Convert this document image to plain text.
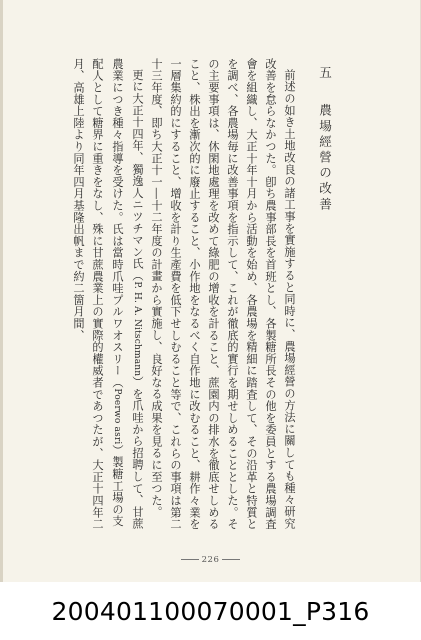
五農場經營の改善

前述の如き土地改良の諸工事を實施すると同時に、農場經營の方法に關しても種々研究改善を怠らなかつた。卽ち農事部長を首班とし、各製糖所長その他を委員とする農場調査會を組織し、大正十年十月から活動を始め、各農場を精細に踏査して、その沿革と特質とを調べ、各農場毎に改善事項を指示して、これが徹底的實行を期せしめることとした。その主要事項は、休閑地處理を改めて綠肥の增收を計ること、蔗園内の排水を徹底せしめること、株出を漸次的に廢止すること、小作地をなるべく自作地に改むること、耕作々業を一層集約的にすること、增收を計り生產費を低下せしむること等で、これらの事項は第二十三年度、即ち大正十一―十二年度の計畫から實施し、良好なる成果を見るに至つた。

更に大正十四年、獨逸人ニツチマン氏（P. H. A. Nitschmann）を爪哇から招聘して、甘蔗農業につき種々指導を受けた。氏は當時爪哇プルワオスリー（Poerwo asri）製糖工場の支配人として糖界に重きをなし、殊に甘蔗農業上の實際的權威者であつたが、大正十四年二月、高雄上陸より同年四月基隆出帆まで約二箇月間、

226
200401100070001_P316
